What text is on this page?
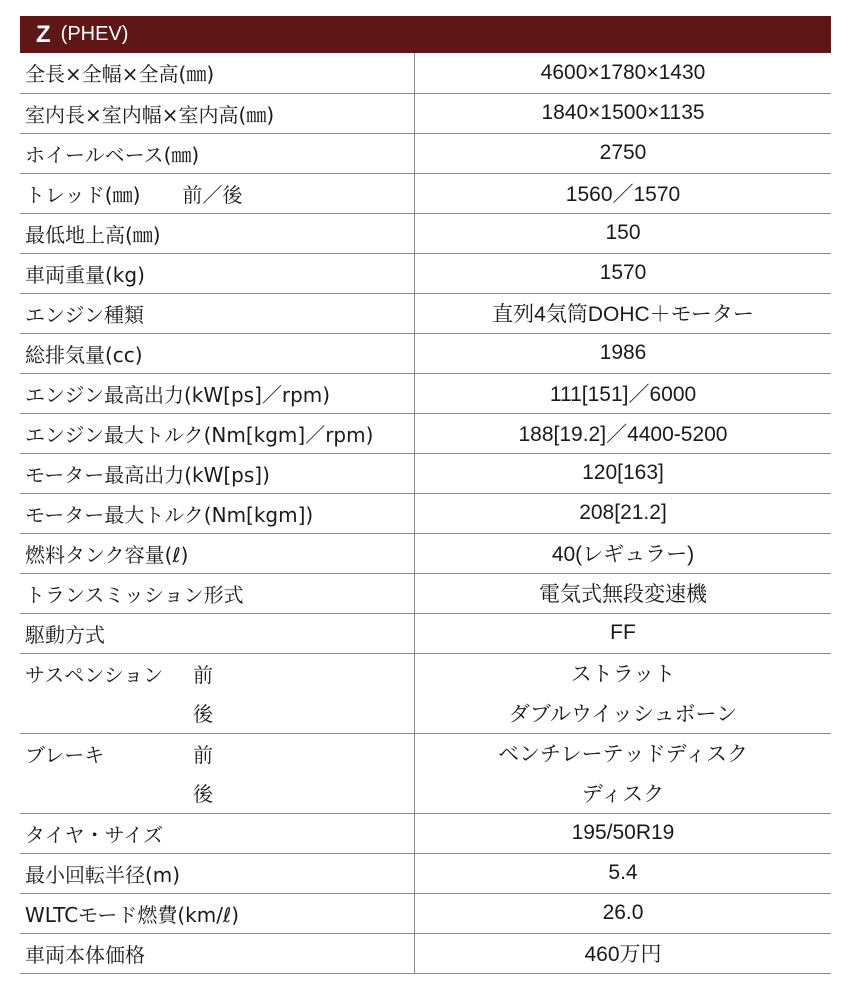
Z (PHEV)
全長×全幅×全高(㎜)	4600×1780×1430
室内長×室内幅×室内高(㎜)	1840×1500×1135
ホイールベース(㎜)	2750
トレッド(㎜) 前／後	1560／1570
最低地上高(㎜)	150
車両重量(kg)	1570
エンジン種類	直列4気筒DOHC＋モーター
総排気量(cc)	1986
エンジン最高出力(kW[ps]／rpm)	111[151]／6000
エンジン最大トルク(Nm[kgm]／rpm)	188[19.2]／4400-5200
モーター最高出力(kW[ps])	120[163]
モーター最大トルク(Nm[kgm])	208[21.2]
燃料タンク容量(ℓ)	40(レギュラー)
トランスミッション形式	電気式無段変速機
駆動方式	FF
サスペンション 前	ストラット
後	ダブルウイッシュボーン
ブレーキ 前	ベンチレーテッドディスク
後	ディスク
タイヤ・サイズ	195/50R19
最小回転半径(m)	5.4
WLTCモード燃費(km/ℓ)	26.0
車両本体価格	460万円
